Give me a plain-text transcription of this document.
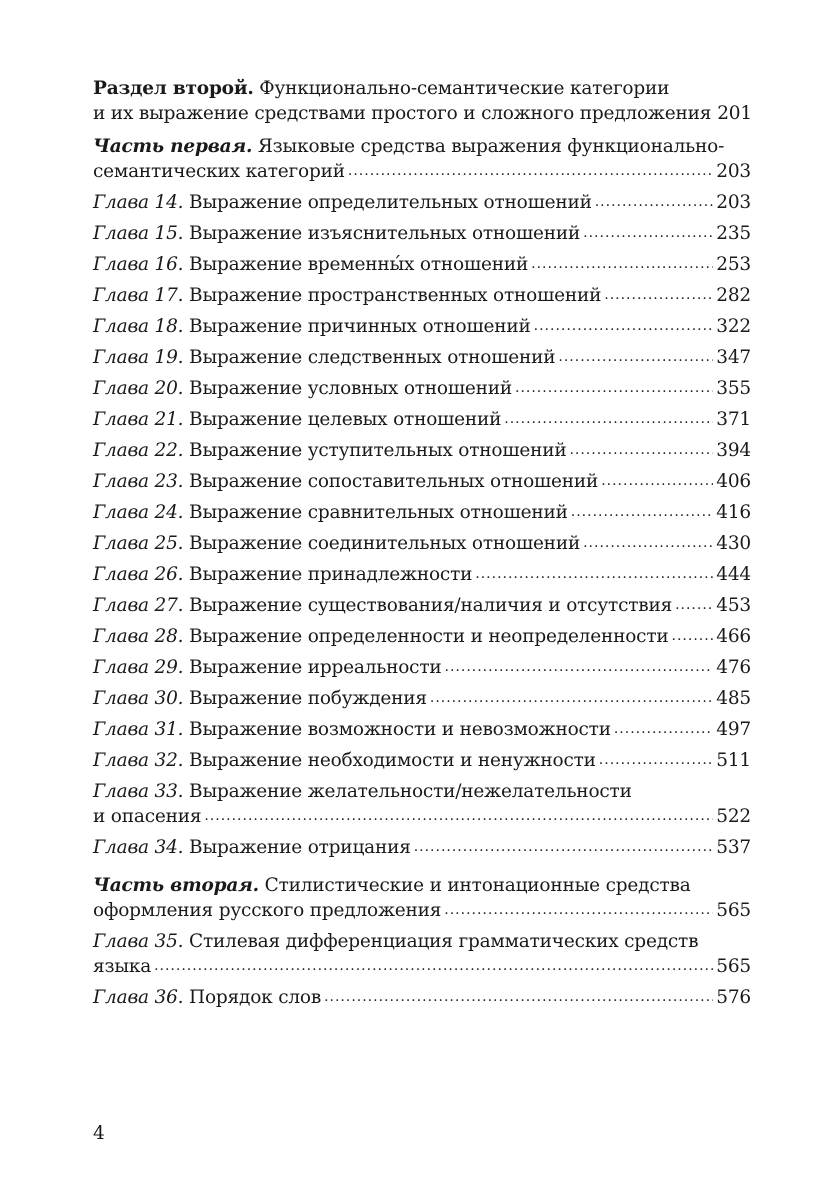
Раздел второй. Функционально-семантические категории
и их выражение средствами простого и сложного предложения 201
Часть первая. Языковые средства выражения функционально-
семантических категорий .....	203
Глава 14. Выражение определительных отношений .....	203
Глава 15. Выражение изъяснительных отношений .....	235
Глава 16. Выражение временны́х отношений .....	253
Глава 17. Выражение пространственных отношений .....	282
Глава 18. Выражение причинных отношений .....	322
Глава 19. Выражение следственных отношений .....	347
Глава 20. Выражение условных отношений .....	355
Глава 21. Выражение целевых отношений .....	371
Глава 22. Выражение уступительных отношений .....	394
Глава 23. Выражение сопоставительных отношений .....	406
Глава 24. Выражение сравнительных отношений .....	416
Глава 25. Выражение соединительных отношений .....	430
Глава 26. Выражение принадлежности .....	444
Глава 27. Выражение существования/наличия и отсутствия ..... 453
Глава 28. Выражение определенности и неопределенности .....	466
Глава 29. Выражение ирреальности .....	476
Глава 30. Выражение побуждения .....	485
Глава 31. Выражение возможности и невозможности .....	497
Глава 32. Выражение необходимости и ненужности .....	511
Глава 33. Выражение желательности/нежелательности
и опасения .....	522
Глава 34. Выражение отрицания .....	537
Часть вторая. Стилистические и интонационные средства
оформления русского предложения .....	565
Глава 35. Стилевая дифференциация грамматических средств
языка .....	565
Глава 36. Порядок слов .....	576
4
